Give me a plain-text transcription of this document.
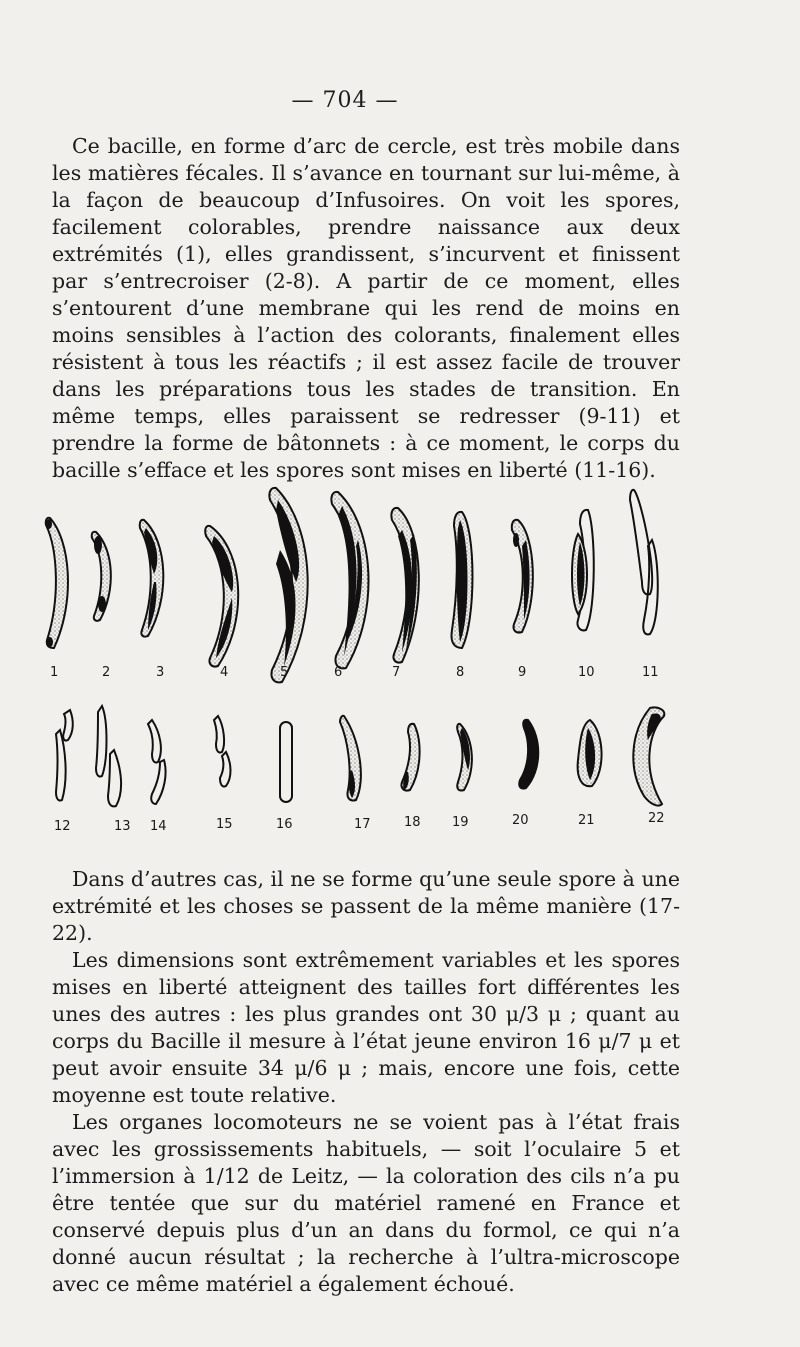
— 704 —

Ce bacille, en forme d’arc de cercle, est très mobile dans les matières fécales. Il s’avance en tournant sur lui-même, à la façon de beaucoup d’Infusoires. On voit les spores, facilement colorables, prendre naissance aux deux extrémités (1), elles grandissent, s’incurvent et finissent par s’entrecroiser (2-8). A partir de ce moment, elles s’entourent d’une membrane qui les rend de moins en moins sensibles à l’action des colorants, finalement elles résistent à tous les réactifs ; il est assez facile de trouver dans les préparations tous les stades de transition. En même temps, elles paraissent se redresser (9-11) et prendre la forme de bâtonnets : à ce moment, le corps du bacille s’efface et les spores sont mises en liberté (11-16).

1	2	3	4	5	6	7	8	9	10	11
12	13 14	15	16	17	18 19	20	21	22

Dans d’autres cas, il ne se forme qu’une seule spore à une extrémité et les choses se passent de la même manière (17-22).

Les dimensions sont extrêmement variables et les spores mises en liberté atteignent des tailles fort différentes les unes des autres : les plus grandes ont 30 μ/3 μ ; quant au corps du Bacille il mesure à l’état jeune environ 16 μ/7 μ et peut avoir ensuite 34 μ/6 μ ; mais, encore une fois, cette moyenne est toute relative.

Les organes locomoteurs ne se voient pas à l’état frais avec les grossissements habituels, — soit l’oculaire 5 et l’immersion à 1/12 de Leitz, — la coloration des cils n’a pu être tentée que sur du matériel ramené en France et conservé depuis plus d’un an dans du formol, ce qui n’a donné aucun résultat ; la recherche à l’ultra-microscope avec ce même matériel a également échoué.
